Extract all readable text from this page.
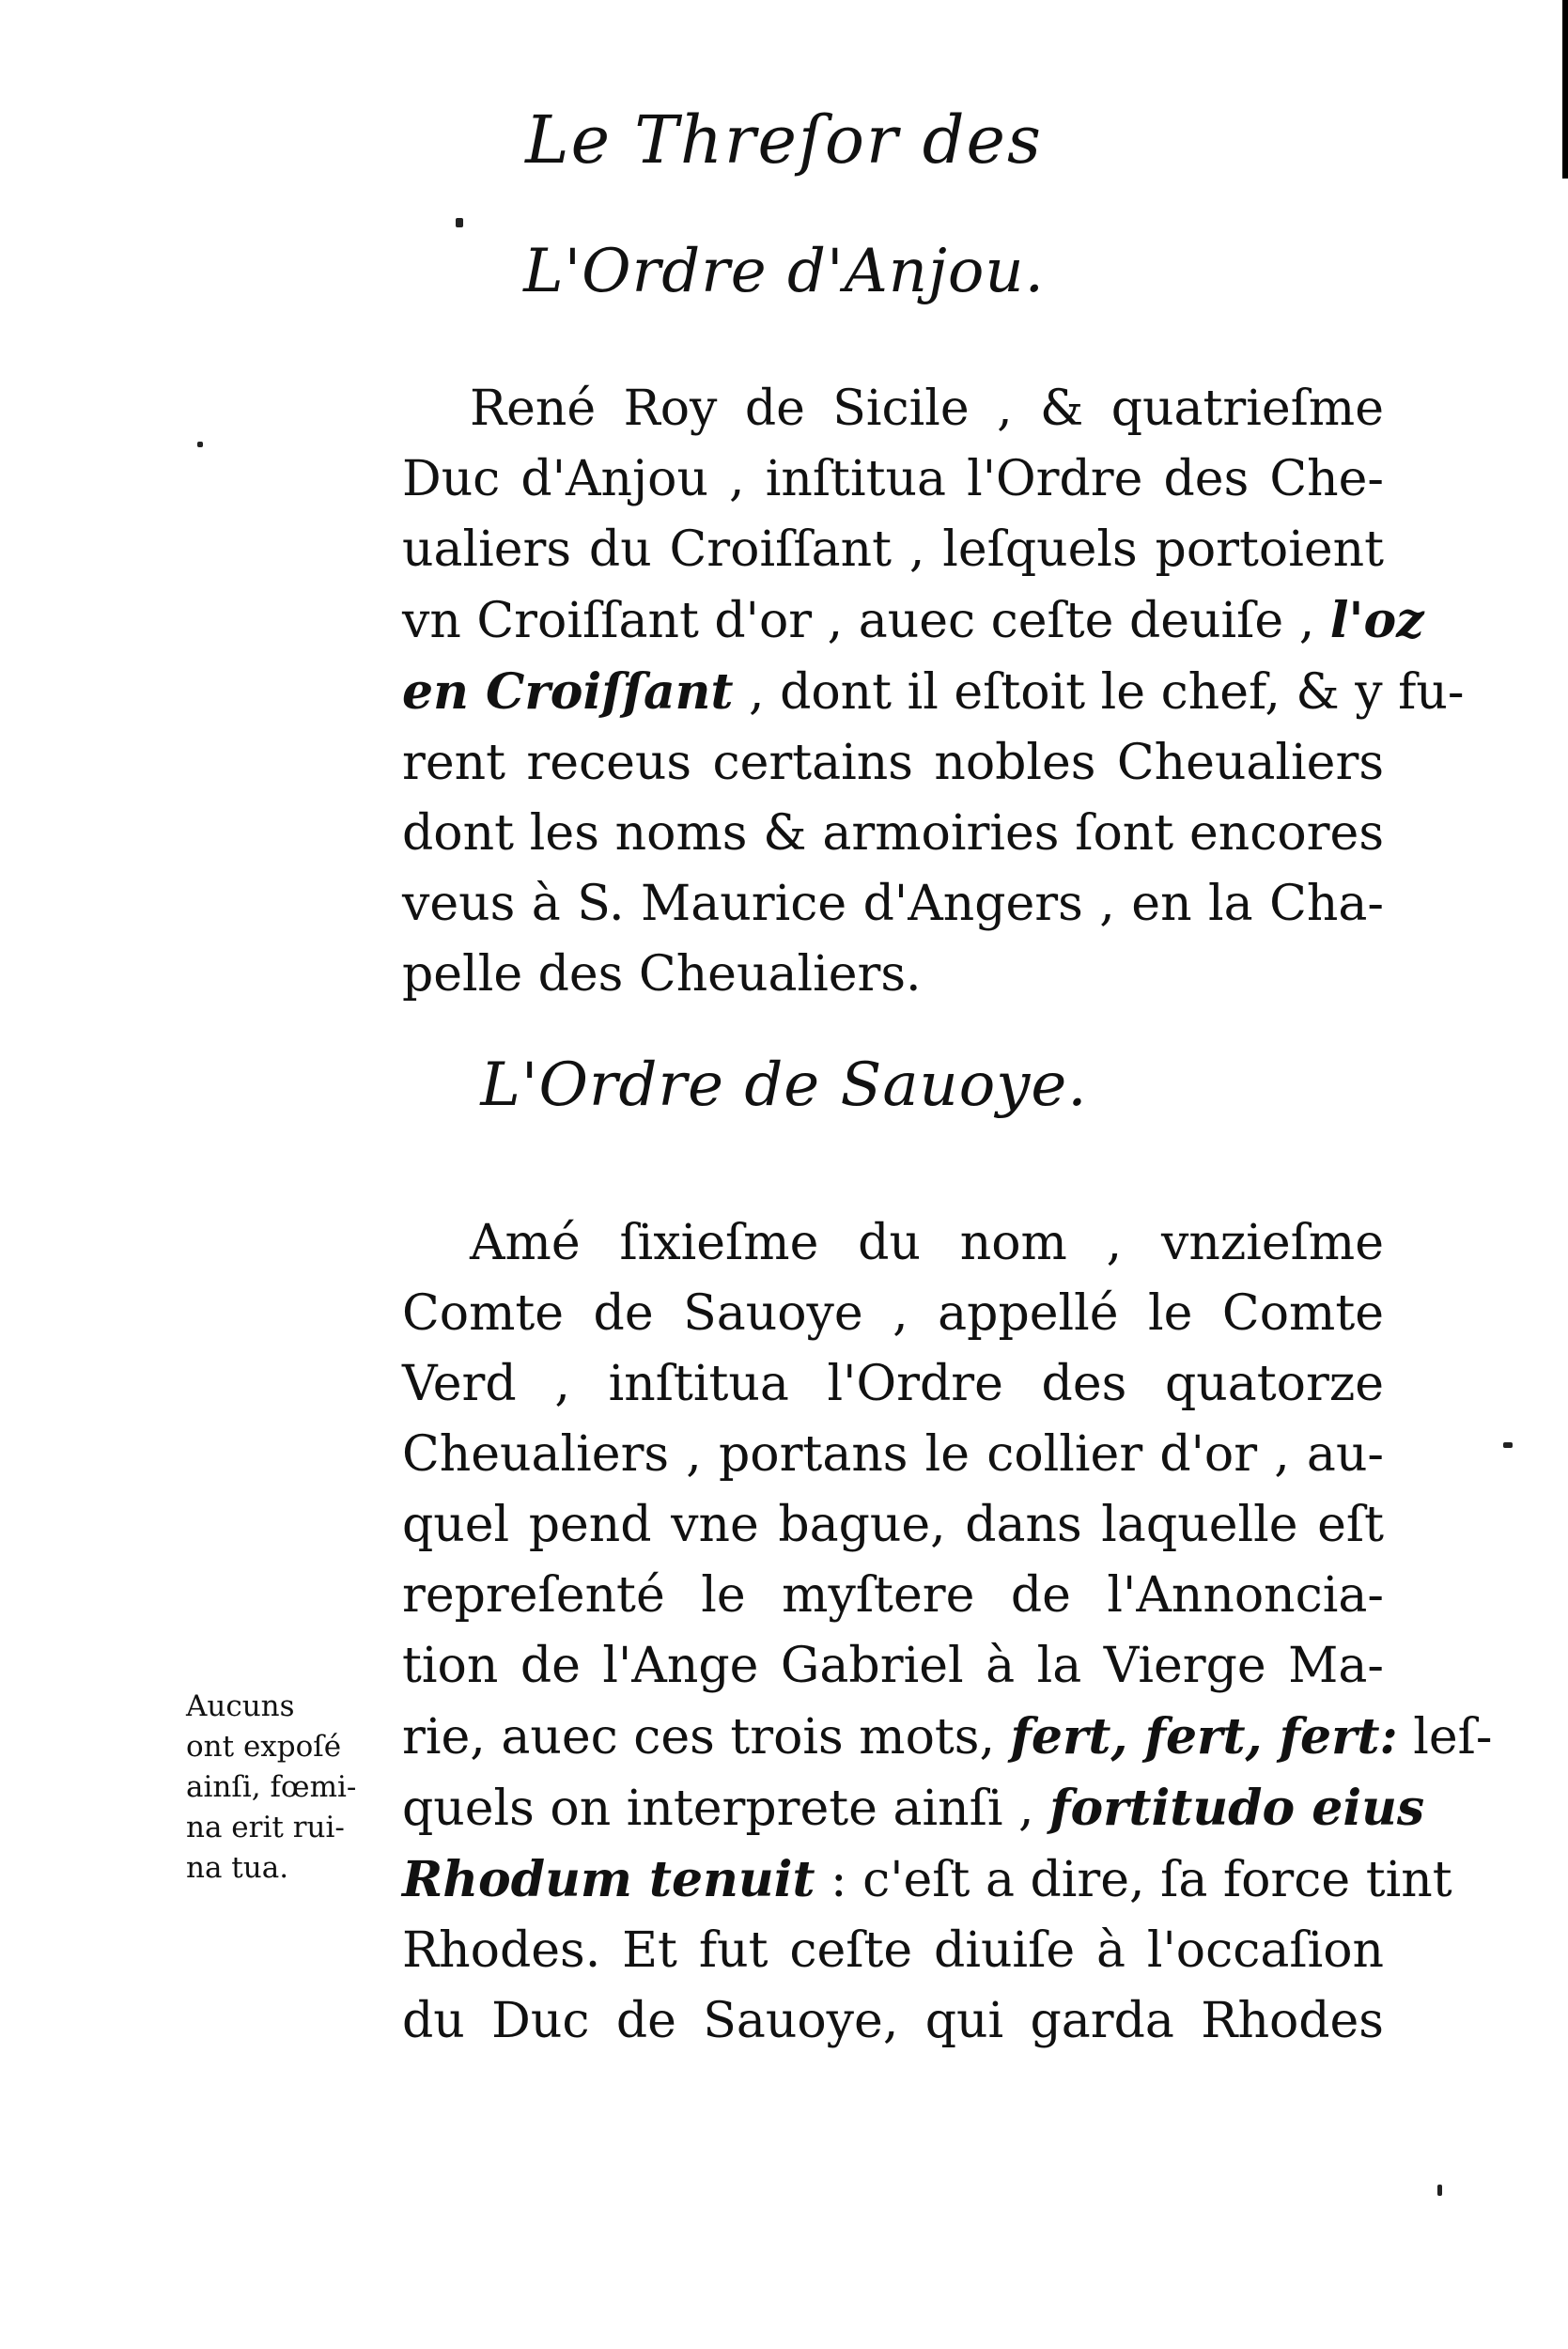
Le Threſor des
L'Ordre d'Anjou.
René Roy de Sicile , & quatrieſme
Duc d'Anjou , inſtitua l'Ordre des Che-
ualiers du Croiſſant , leſquels portoient
vn Croiſſant d'or , auec ceſte deuiſe , l'oz
en Croiſſant , dont il eſtoit le chef, & y fu-
rent receus certains nobles Cheualiers
dont les noms & armoiries ſont encores
veus à S. Maurice d'Angers , en la Cha-
pelle des Cheualiers.
L'Ordre de Sauoye.
Amé ſixieſme du nom , vnzieſme
Comte de Sauoye , appellé le Comte
Verd , inſtitua l'Ordre des quatorze
Cheualiers , portans le collier d'or , au-
quel pend vne bague, dans laquelle eſt
repreſenté le myſtere de l'Annoncia-
tion de l'Ange Gabriel à la Vierge Ma-
rie, auec ces trois mots, fert, fert, fert: leſ-
quels on interprete ainſi , fortitudo eius
Rhodum tenuit : c'eſt a dire, ſa force tint
Rhodes. Et fut ceſte diuiſe à l'occaſion
du Duc de Sauoye, qui garda Rhodes
Aucuns
ont expoſé
ainſi, fœmi-
na erit rui-
na tua.
